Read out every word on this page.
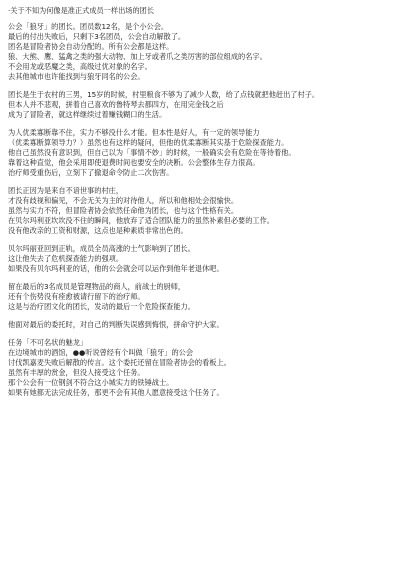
·关于不知为何像是准正式成员一样出场的团长
公会「狼牙」的团长。团员数12名，是个小公会。
最后的付出失败后，只剩下3名团员，公会自动解散了。
团名是冒险者协会自动分配的。所有公会都是这样。
狼、大熊、鹰、猛禽之类的强大动物、加上牙或者爪之类厉害的部位组成的名字。
不会用龙或恶魔之类，高级过优对象的名字。
去其他城市也许能找到与狼牙同名的公会。
团长是生于农村的三男，15岁的时候，村里粮食不够为了减少人数，给了点钱就把他赶出了村子。
但本人并不悲观，拼着自己喜欢的鲁特琴去都四方，在用完金钱之后
成为了冒险者，就这样继续过着赚钱糊口的生活。
为人优柔寡断靠不住，实力不够没什么才能。但本性是好人，有一定的领导能力
（优柔寡断算领导力？）虽然也有这样的疑问，但他的优柔寡断其实基于危险探查能力。
他自己虽然没有意识到，但自己以为「事情不妙」的时候，一般确实会有危险在等待着他。
靠着这种直觉，他会采用即使退费时间也要安全的决断。公会整体生存力很高。
治疗师受重伤后，立刻下了撤退命令防止二次伤害。
团长正因为是来自不谙世事的村庄，
才没有歧视和偏见，不会无关为主的对待他人，所以和他相处会很愉快。
虽然与实力不符，但冒险者协会依然任命他为团长，也与这个性格有关。
在贝尔玛利亚坎坎没不住的瞬间，他放弃了适合团队能力的虽然补素但必要的工作。
没有他改亲的工资和财源，这点也是种素质非常出色的。
贝尔玛丽亚回到正轨，成员全员高涨的士气影响到了团长。
这让他失去了危机探查能力的强项。
如果没有贝尔玛利亚的话，他的公会就会可以运作到他年老退休吧。
留在最后的3名成员是管理物品的商人，前战士的厨师，
还有个伤势没有痊愈被请行留下的治疗师。
这是与治疗团文化的团长，发动的最后一个危险探查能力。
他面对最后的委托时，对自己的判断失误感到悔恨，拼命守护大家。
任务「不可名状的魅龙」
在边境城市的酒馆，●●听说曾经有个叫做「狼牙」的公会
讨伐凯嘉麦失败后解散的传言。这个委托还留在冒险者协会的看板上。
虽然有丰厚的赏金，但没人接受这个任务。
那个公会有一位钢剑不符合这小城实力的铁锤战士。
如果有她都无法完成任务，那更不会有其他人愿意接受这个任务了。
